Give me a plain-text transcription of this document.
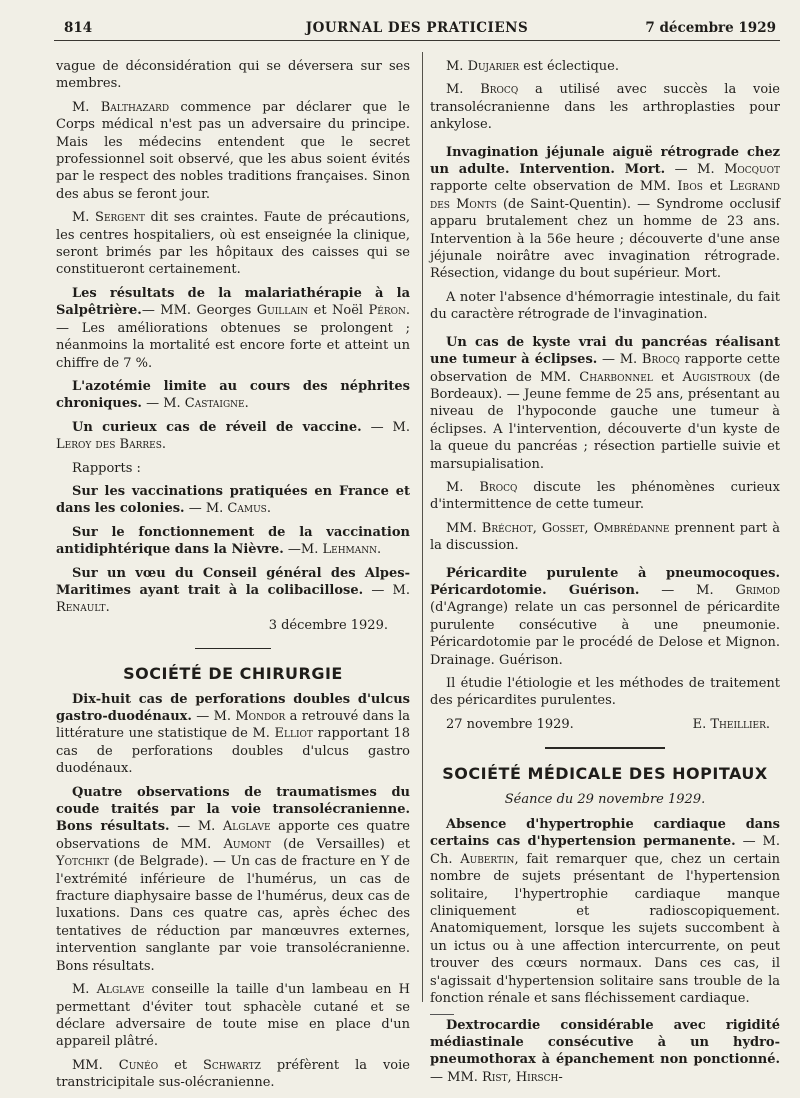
814	JOURNAL DES PRATICIENS	7 décembre 1929

vague de déconsidération qui se déversera sur ses membres.

M. Balthazard commence par déclarer que le Corps médical n'est pas un adversaire du principe. Mais les médecins entendent que le secret professionnel soit observé, que les abus soient évités par le respect des nobles traditions françaises. Sinon des abus se feront jour.

M. Sergent dit ses craintes. Faute de précautions, les centres hospitaliers, où est enseignée la clinique, seront brimés par les hôpitaux des caisses qui se constitueront certainement.

Les résultats de la malariathérapie à la Salpêtrière.— MM. Georges Guillain et Noël Péron.— Les améliorations obtenues se prolongent ; néanmoins la mortalité est encore forte et atteint un chiffre de 7 %.

L'azotémie limite au cours des néphrites chroniques. — M. Castaigne.

Un curieux cas de réveil de vaccine. — M. Leroy des Barres.

Rapports :

Sur les vaccinations pratiquées en France et dans les colonies. — M. Camus.

Sur le fonctionnement de la vaccination antidiphtérique dans la Nièvre. —M. Lehmann.

Sur un vœu du Conseil général des Alpes-Maritimes ayant trait à la colibacillose. — M. Renault.

3 décembre 1929.
SOCIÉTÉ DE CHIRURGIE

Dix-huit cas de perforations doubles d'ulcus gastro-duodénaux. — M. Mondor a retrouvé dans la littérature une statistique de M. Elliot rapportant 18 cas de perforations doubles d'ulcus gastro duodénaux.

Quatre observations de traumatismes du coude traités par la voie transolécranienne. Bons résultats. — M. Alglave apporte ces quatre observations de MM. Aumont (de Versailles) et Yotchikt (de Belgrade). — Un cas de fracture en Y de l'extrémité inférieure de l'humérus, un cas de fracture diaphysaire basse de l'humérus, deux cas de luxations. Dans ces quatre cas, après échec des tentatives de réduction par manœuvres externes, intervention sanglante par voie transolécranienne. Bons résultats.

M. Alglave conseille la taille d'un lambeau en H permettant d'éviter tout sphacèle cutané et se déclare adversaire de toute mise en place d'un appareil plâtré.

MM. Cunéo et Schwartz préfèrent la voie transtricipitale sus-olécranienne.

M. Dujarier est éclectique.

M. Brocq a utilisé avec succès la voie transolécranienne dans les arthroplasties pour ankylose.

Invagination jéjunale aiguë rétrograde chez un adulte. Intervention. Mort. — M. Mocquot rapporte celte observation de MM. Ibos et Legrand des Monts (de Saint-Quentin). — Syndrome occlusif apparu brutalement chez un homme de 23 ans. Intervention à la 56e heure ; découverte d'une anse jéjunale noirâtre avec invagination rétrograde. Résection, vidange du bout supérieur. Mort.

A noter l'absence d'hémorragie intestinale, du fait du caractère rétrograde de l'invagination.

Un cas de kyste vrai du pancréas réalisant une tumeur à éclipses. — M. Brocq rapporte cette observation de MM. Charbonnel et Augistroux (de Bordeaux). — Jeune femme de 25 ans, présentant au niveau de l'hypoconde gauche une tumeur à éclipses. A l'intervention, découverte d'un kyste de la queue du pancréas ; résection partielle suivie et marsupialisation.

M. Brocq discute les phénomènes curieux d'intermittence de cette tumeur.

MM. Bréchot, Gosset, Ombrédanne prennent part à la discussion.

Péricardite purulente à pneumocoques. Péricardotomie. Guérison. — M. Grimod (d'Agrange) relate un cas personnel de péricardite purulente consécutive à une pneumonie. Péricardotomie par le procédé de Delose et Mignon. Drainage. Guérison.

Il étudie l'étiologie et les méthodes de traitement des péricardites purulentes.

27 novembre 1929.	E. Theillier.
SOCIÉTÉ MÉDICALE DES HOPITAUX

Séance du 29 novembre 1929.

Absence d'hypertrophie cardiaque dans certains cas d'hypertension permanente. — M. Ch. Aubertin, fait remarquer que, chez un certain nombre de sujets présentant de l'hypertension solitaire, l'hypertrophie cardiaque manque cliniquement et radioscopiquement. Anatomiquement, lorsque les sujets succombent à un ictus ou à une affection intercurrente, on peut trouver des cœurs normaux. Dans ces cas, il s'agissait d'hypertension solitaire sans trouble de la fonction rénale et sans fléchissement cardiaque.

Dextrocardie considérable avec rigidité médiastinale consécutive à un hydro-pneumothorax à épanchement non ponctionné. — MM. Rist, Hirsch-
